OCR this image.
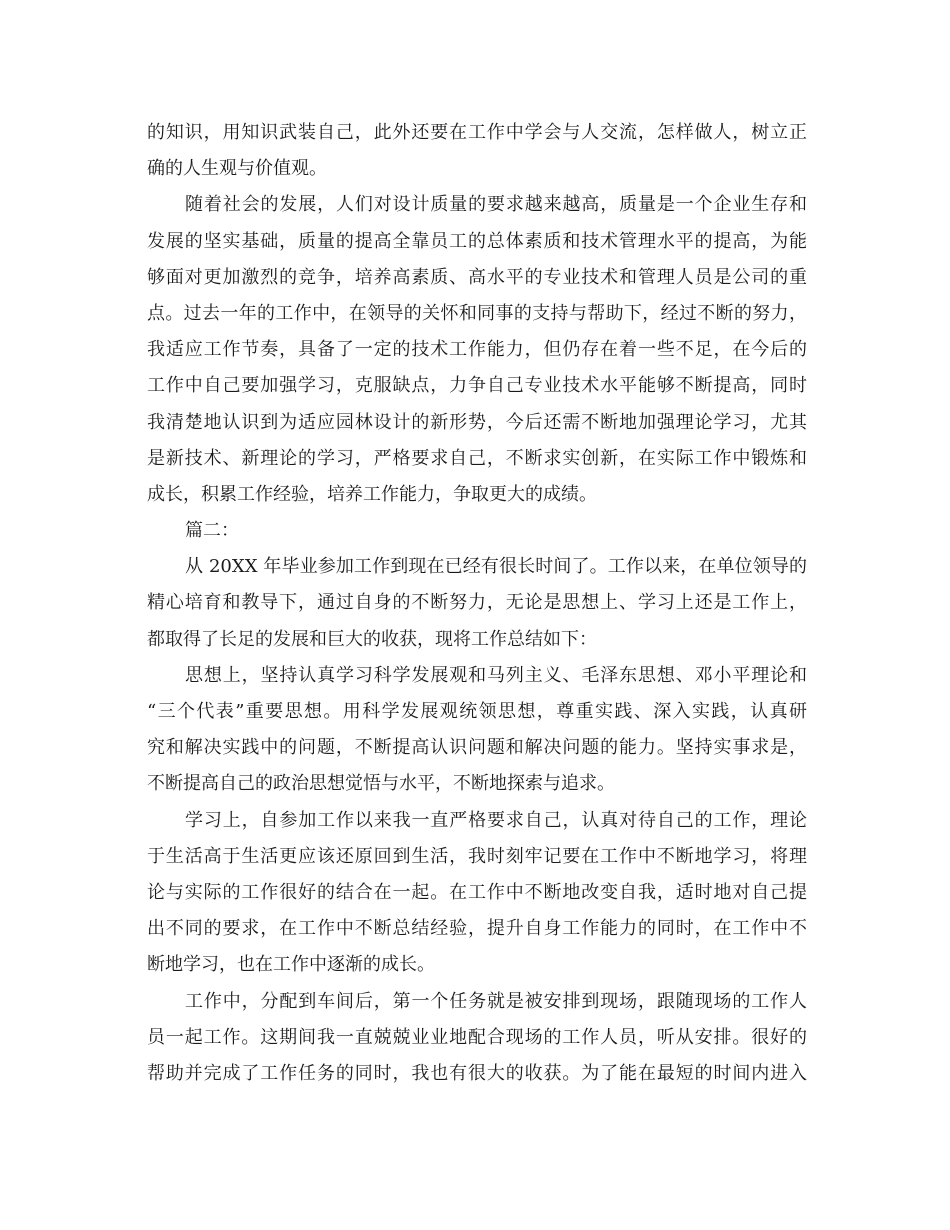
的知识，用知识武装自己，此外还要在工作中学会与人交流，怎样做人，树立正
确的人生观与价值观。
随着社会的发展，人们对设计质量的要求越来越高，质量是一个企业生存和
发展的坚实基础，质量的提高全靠员工的总体素质和技术管理水平的提高，为能
够面对更加激烈的竞争，培养高素质、高水平的专业技术和管理人员是公司的重
点。过去一年的工作中，在领导的关怀和同事的支持与帮助下，经过不断的努力，
我适应工作节奏，具备了一定的技术工作能力，但仍存在着一些不足，在今后的
工作中自己要加强学习，克服缺点，力争自己专业技术水平能够不断提高，同时
我清楚地认识到为适应园林设计的新形势，今后还需不断地加强理论学习，尤其
是新技术、新理论的学习，严格要求自己，不断求实创新，在实际工作中锻炼和
成长，积累工作经验，培养工作能力，争取更大的成绩。
篇二：
从 20XX 年毕业参加工作到现在已经有很长时间了。工作以来，在单位领导的
精心培育和教导下，通过自身的不断努力，无论是思想上、学习上还是工作上，
都取得了长足的发展和巨大的收获，现将工作总结如下：
思想上，坚持认真学习科学发展观和马列主义、毛泽东思想、邓小平理论和
“三个代表”重要思想。用科学发展观统领思想，尊重实践、深入实践，认真研
究和解决实践中的问题，不断提高认识问题和解决问题的能力。坚持实事求是，
不断提高自己的政治思想觉悟与水平，不断地探索与追求。
学习上，自参加工作以来我一直严格要求自己，认真对待自己的工作，理论
于生活高于生活更应该还原回到生活，我时刻牢记要在工作中不断地学习，将理
论与实际的工作很好的结合在一起。在工作中不断地改变自我，适时地对自己提
出不同的要求，在工作中不断总结经验，提升自身工作能力的同时，在工作中不
断地学习，也在工作中逐渐的成长。
工作中，分配到车间后，第一个任务就是被安排到现场，跟随现场的工作人
员一起工作。这期间我一直兢兢业业地配合现场的工作人员，听从安排。很好的
帮助并完成了工作任务的同时，我也有很大的收获。为了能在最短的时间内进入
